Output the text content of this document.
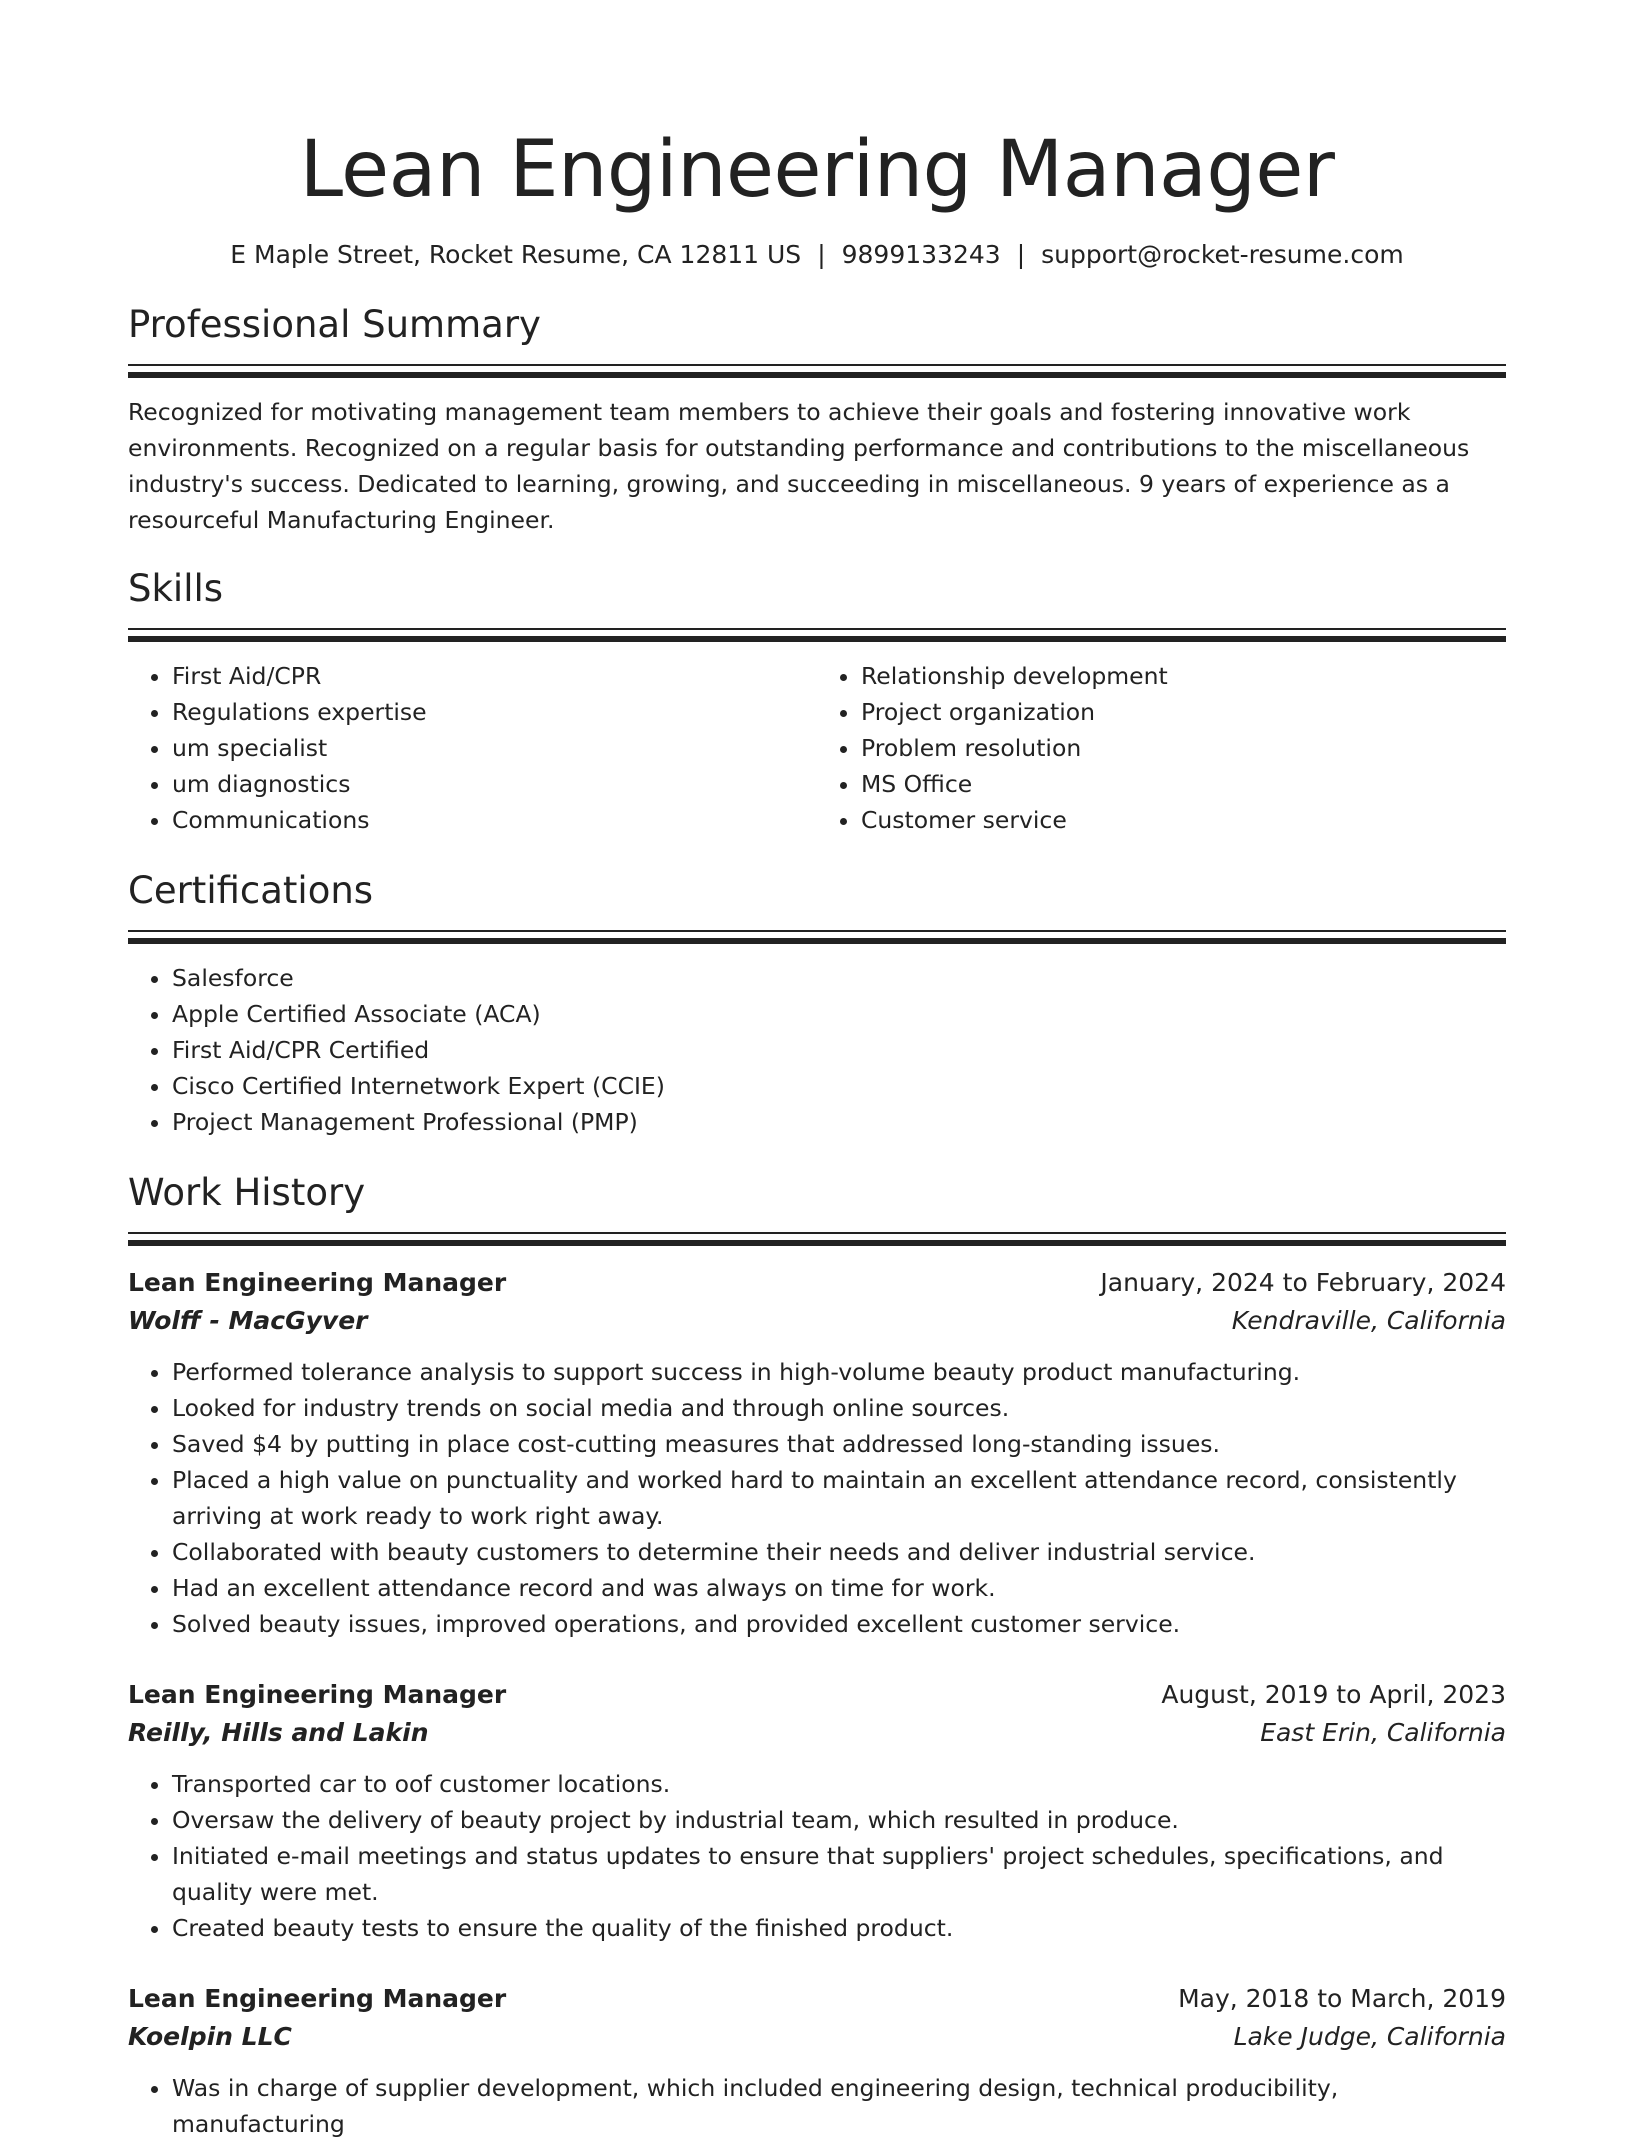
Lean Engineering Manager
E Maple Street, Rocket Resume, CA 12811 US | 9899133243 | support@rocket-resume.com
Professional Summary

Recognized for motivating management team members to achieve their goals and fostering innovative work environments. Recognized on a regular basis for outstanding performance and contributions to the miscellaneous industry's success. Dedicated to learning, growing, and succeeding in miscellaneous. 9 years of experience as a resourceful Manufacturing Engineer.

Skills
• First Aid/CPR
• Regulations expertise
• um specialist
• um diagnostics
• Communications
• Relationship development
• Project organization
• Problem resolution
• MS Office
• Customer service
Certifications
• Salesforce
• Apple Certified Associate (ACA)
• First Aid/CPR Certified
• Cisco Certified Internetwork Expert (CCIE)
• Project Management Professional (PMP)
Work History
Lean Engineering Manager	January, 2024 to February, 2024
Wolff - MacGyver	Kendraville, California
• Performed tolerance analysis to support success in high-volume beauty product manufacturing.
• Looked for industry trends on social media and through online sources.
• Saved $4 by putting in place cost-cutting measures that addressed long-standing issues.
• Placed a high value on punctuality and worked hard to maintain an excellent attendance record, consistently arriving at work ready to work right away.
• Collaborated with beauty customers to determine their needs and deliver industrial service.
• Had an excellent attendance record and was always on time for work.
• Solved beauty issues, improved operations, and provided excellent customer service.
Lean Engineering Manager	August, 2019 to April, 2023
Reilly, Hills and Lakin	East Erin, California
• Transported car to oof customer locations.
• Oversaw the delivery of beauty project by industrial team, which resulted in produce.
• Initiated e-mail meetings and status updates to ensure that suppliers' project schedules, specifications, and quality were met.
• Created beauty tests to ensure the quality of the finished product.
Lean Engineering Manager	May, 2018 to March, 2019
Koelpin LLC	Lake Judge, California
• Was in charge of supplier development, which included engineering design, technical producibility, manufacturing
